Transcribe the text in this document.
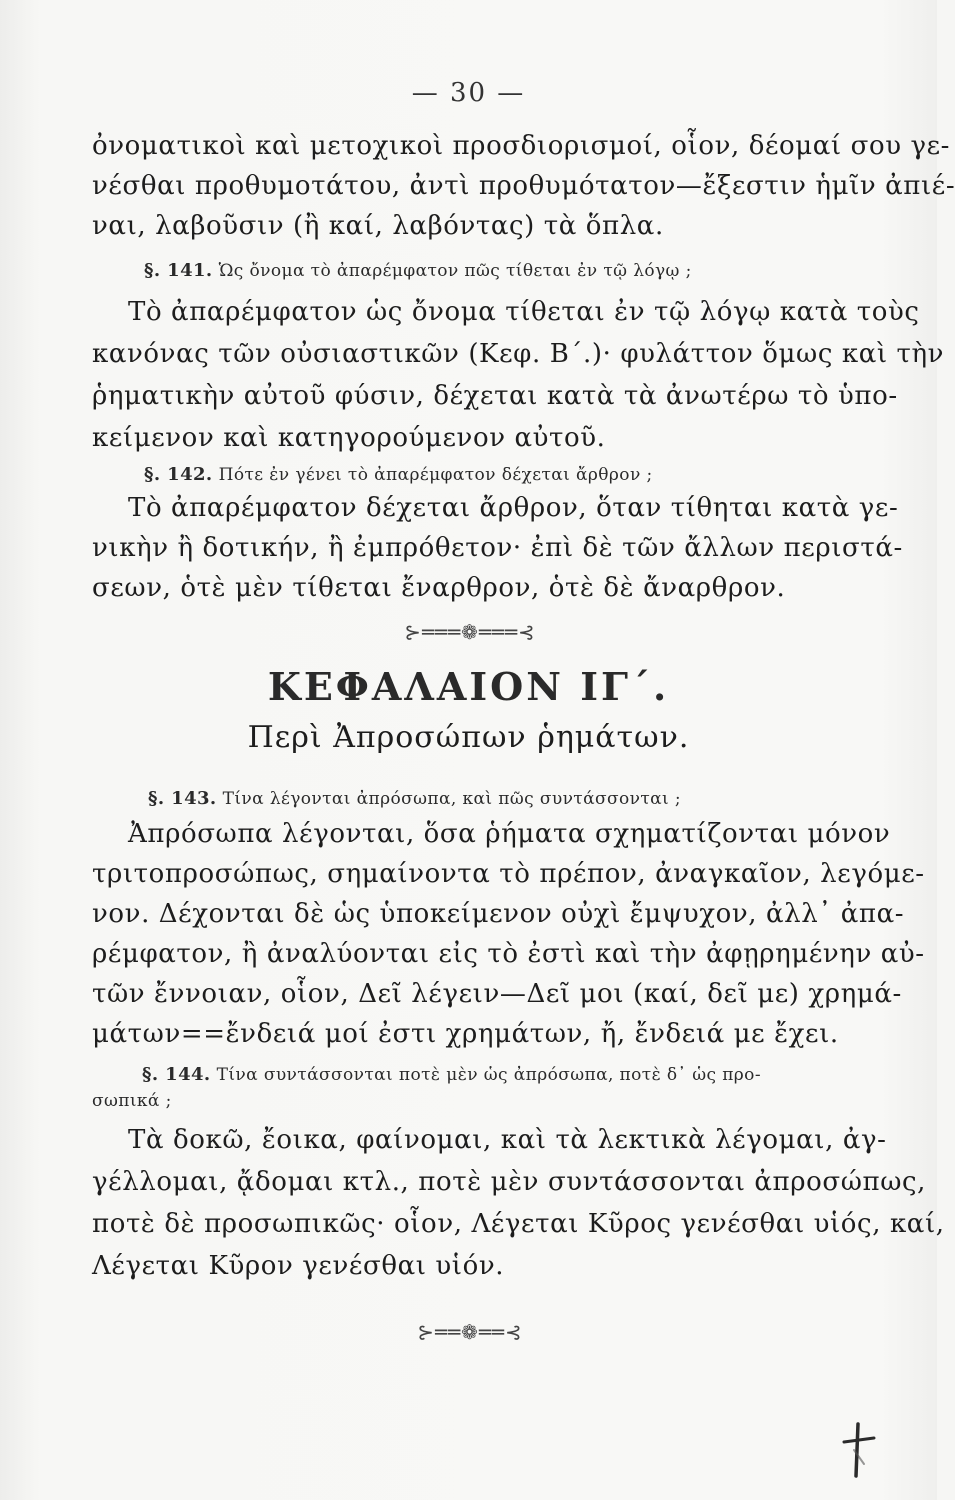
— 30 —
ὀνοματικοὶ καὶ μετοχικοὶ προσδιορισμοί, οἷον, δέομαί σου γε-
νέσθαι προθυμοτάτου, ἀντὶ προθυμότατον—ἔξεστιν ἡμῖν ἀπιέ-
ναι, λαβοῦσιν (ἢ καί, λαβόντας) τὰ ὅπλα.
§. 141. Ὡς ὄνομα τὸ ἀπαρέμφατον πῶς τίθεται ἐν τῷ λόγῳ ;
Τὸ ἀπαρέμφατον ὡς ὄνομα τίθεται ἐν τῷ λόγῳ κατὰ τοὺς
κανόνας τῶν οὐσιαστικῶν (Κεφ. Β΄.)· φυλάττον ὅμως καὶ τὴν
ῥηματικὴν αὐτοῦ φύσιν, δέχεται κατὰ τὰ ἀνωτέρω τὸ ὑπο-
κείμενον καὶ κατηγορούμενον αὐτοῦ.
§. 142. Πότε ἐν γένει τὸ ἀπαρέμφατον δέχεται ἄρθρον ;
Τὸ ἀπαρέμφατον δέχεται ἄρθρον, ὅταν τίθηται κατὰ γε-
νικὴν ἢ δοτικήν, ἢ ἐμπρόθετον· ἐπὶ δὲ τῶν ἄλλων περιστά-
σεων, ὁτὲ μὲν τίθεται ἔναρθρον, ὁτὲ δὲ ἄναρθρον.
⊱═══❁═══⊰
ΚΕΦΑΛΑΙΟΝ ΙΓ΄.
Περὶ Ἀπροσώπων ῥημάτων.
§. 143. Τίνα λέγονται ἀπρόσωπα, καὶ πῶς συντάσσονται ;
Ἀπρόσωπα λέγονται, ὅσα ῥήματα σχηματίζονται μόνον
τριτοπροσώπως, σημαίνοντα τὸ πρέπον, ἀναγκαῖον, λεγόμε-
νον. Δέχονται δὲ ὡς ὑποκείμενον οὐχὶ ἔμψυχον, ἀλλ᾿ ἀπα-
ρέμφατον, ἢ ἀναλύονται εἰς τὸ ἐστὶ καὶ τὴν ἀφῃρημένην αὐ-
τῶν ἔννοιαν, οἷον, Δεῖ λέγειν—Δεῖ μοι (καί, δεῖ με) χρημά-
μάτων==ἔνδειά μοί ἐστι χρημάτων, ἤ, ἔνδειά με ἔχει.
§. 144. Τίνα συντάσσονται ποτὲ μὲν ὡς ἀπρόσωπα, ποτὲ δ᾿ ὡς προ-
σωπικά ;
Τὰ δοκῶ, ἔοικα, φαίνομαι, καὶ τὰ λεκτικὰ λέγομαι, ἀγ-
γέλλομαι, ᾄδομαι κτλ., ποτὲ μὲν συντάσσονται ἀπροσώπως,
ποτὲ δὲ προσωπικῶς· οἷον, Λέγεται Κῦρος γενέσθαι υἱός, καί,
Λέγεται Κῦρον γενέσθαι υἱόν.
⊱══❁══⊰
